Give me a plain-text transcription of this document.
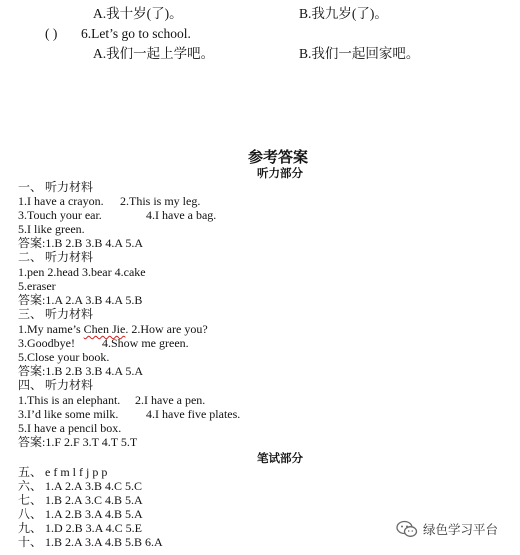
A.我十岁(了)。	B.我九岁(了)。
( ) 6.Let’s go to school.
A.我们一起上学吧。	B.我们一起回家吧。
参考答案
听力部分
一、 听力材料
1.I have a crayon. 2.This is my leg.
3.Touch your ear.	4.I have a bag.
5.I like green.
答案:1.B 2.B 3.B 4.A 5.A
二、 听力材料
1.pen 2.head 3.bear 4.cake
5.eraser
答案:1.A 2.A 3.B 4.A 5.B
三、 听力材料
1.My name’s Chen Jie. 2.How are you?
3.Goodbye! 4.Show me green.
5.Close your book.
答案:1.B 2.B 3.B 4.A 5.A
四、 听力材料
1.This is an elephant. 2.I have a pen.
3.I’d like some milk. 4.I have five plates.
5.I have a pencil box.
答案:1.F 2.F 3.T 4.T 5.T
笔试部分
五、 e f m l f j p p
六、 1.A 2.A 3.B 4.C 5.C
七、 1.B 2.A 3.C 4.B 5.A
八、 1.A 2.B 3.A 4.B 5.A
九、 1.D 2.B 3.A 4.C 5.E
十、 1.B 2.A 3.A 4.B 5.B 6.A
绿色学习平台
